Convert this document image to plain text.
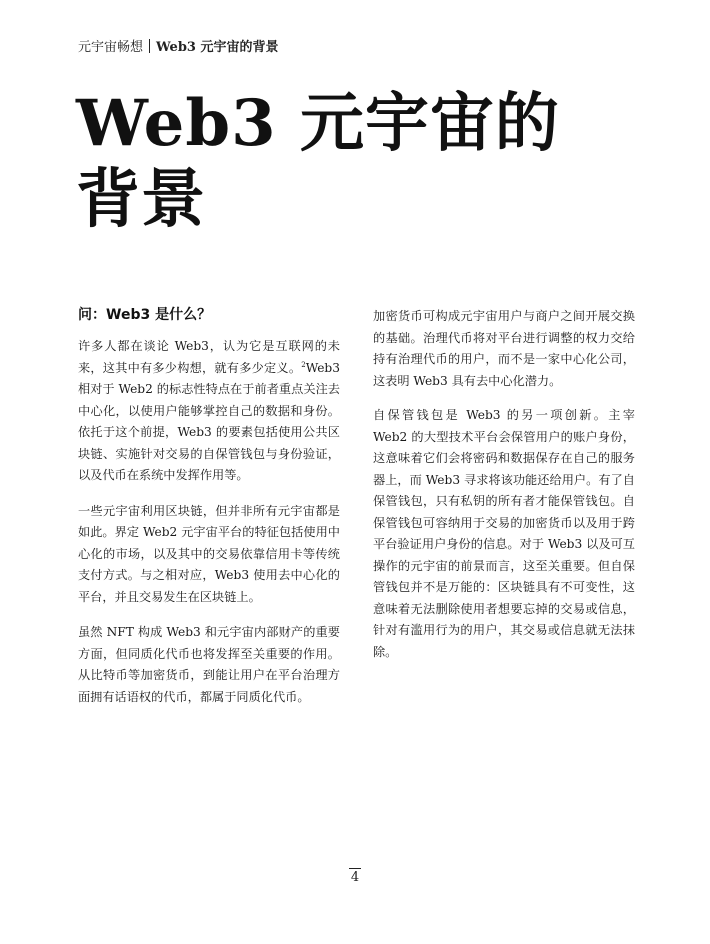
元宇宙畅想 Web3 元宇宙的背景
Web3 元宇宙的
背景
问：Web3 是什么？

许多人都在谈论 Web3，认为它是互联网的未来，这其中有多少构想，就有多少定义。$^2$Web3 相对于 Web2 的标志性特点在于前者重点关注去中心化，以使用户能够掌控自己的数据和身份。依托于这个前提，Web3 的要素包括使用公共区块链、实施针对交易的自保管钱包与身份验证，以及代币在系统中发挥作用等。

一些元宇宙利用区块链，但并非所有元宇宙都是如此。界定 Web2 元宇宙平台的特征包括使用中心化的市场，以及其中的交易依靠信用卡等传统支付方式。与之相对应，Web3 使用去中心化的平台，并且交易发生在区块链上。

虽然 NFT 构成 Web3 和元宇宙内部财产的重要方面，但同质化代币也将发挥至关重要的作用。从比特币等加密货币，到能让用户在平台治理方面拥有话语权的代币，都属于同质化代币。

加密货币可构成元宇宙用户与商户之间开展交换的基础。治理代币将对平台进行调整的权力交给持有治理代币的用户，而不是一家中心化公司，这表明 Web3 具有去中心化潜力。

自保管钱包是 Web3 的另一项创新。主宰 Web2 的大型技术平台会保管用户的账户身份，这意味着它们会将密码和数据保存在自己的服务器上，而 Web3 寻求将该功能还给用户。有了自保管钱包，只有私钥的所有者才能保管钱包。自保管钱包可容纳用于交易的加密货币以及用于跨平台验证用户身份的信息。对于 Web3 以及可互操作的元宇宙的前景而言，这至关重要。但自保管钱包并不是万能的：区块链具有不可变性，这意味着无法删除使用者想要忘掉的交易或信息，针对有滥用行为的用户，其交易或信息就无法抹除。

4
